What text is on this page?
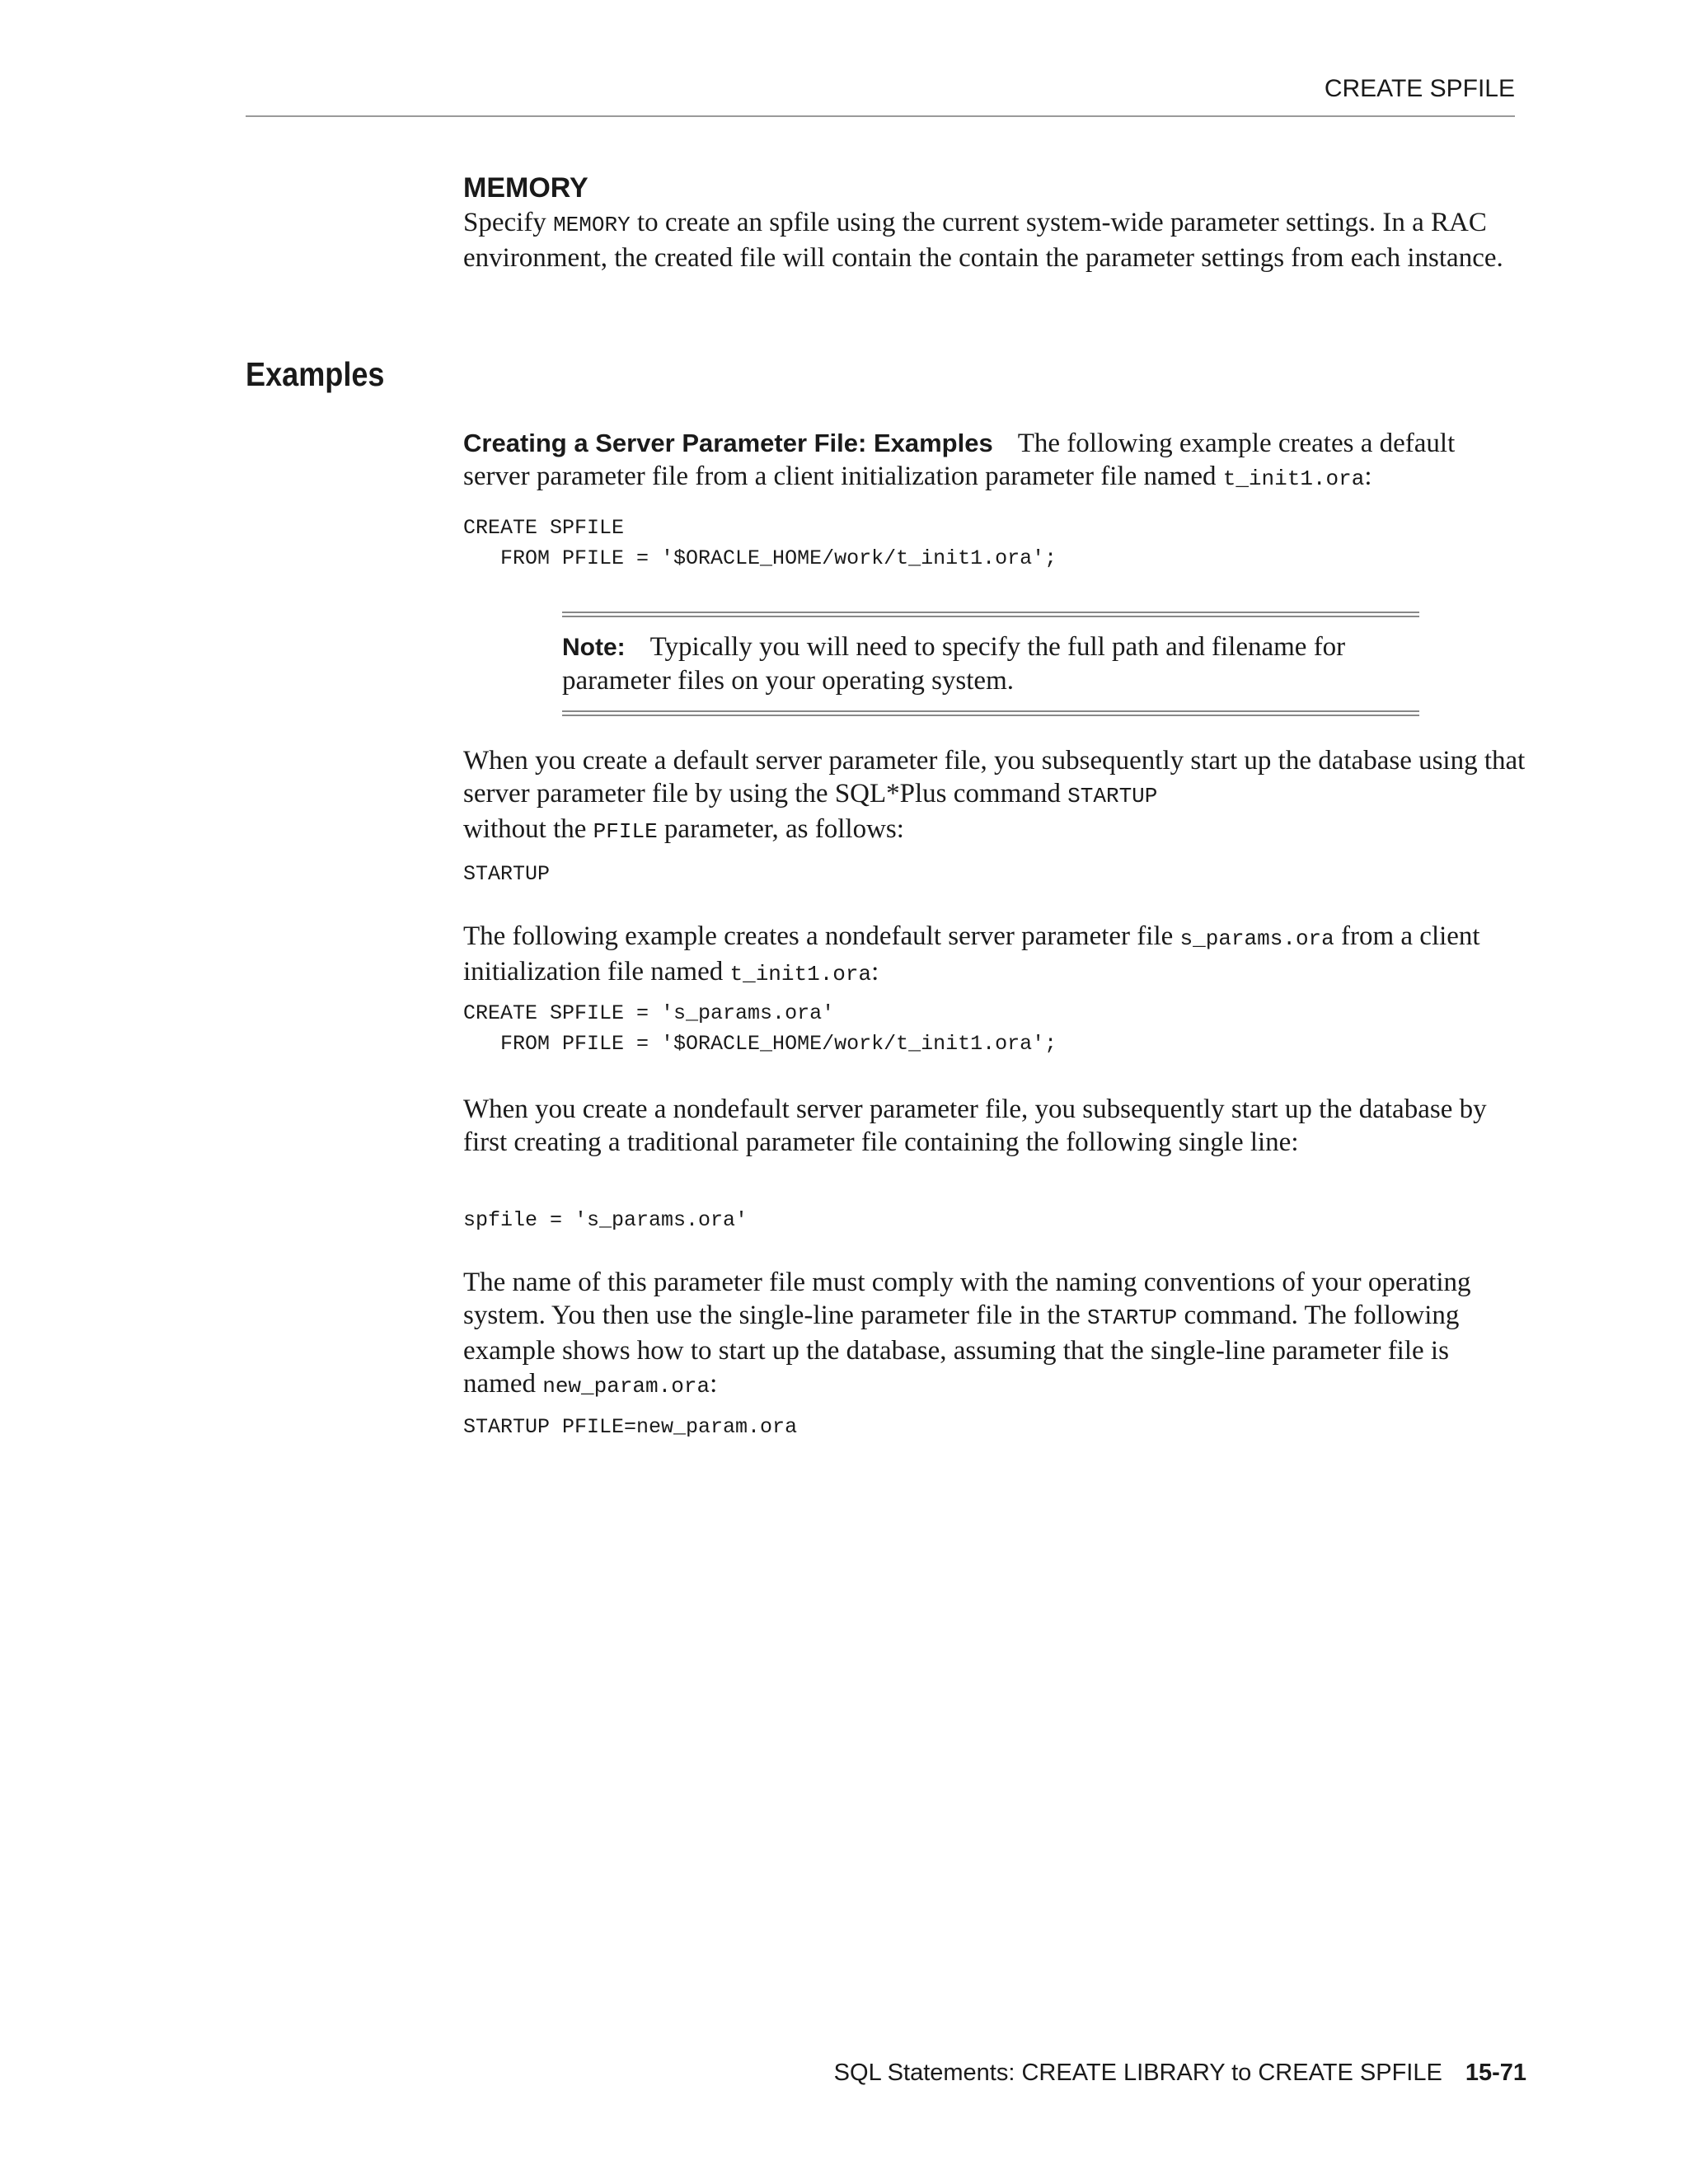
CREATE SPFILE
MEMORY

Specify MEMORY to create an spfile using the current system-wide parameter settings. In a RAC environment, the created file will contain the contain the parameter settings from each instance.

Examples

Creating a Server Parameter File: Examples The following example creates a default server parameter file from a client initialization parameter file named t_init1.ora:

CREATE SPFILE
FROM PFILE = '$ORACLE_HOME/work/t_init1.ora';
Note: Typically you will need to specify the full path and filename for parameter files on your operating system.

When you create a default server parameter file, you subsequently start up the database using that server parameter file by using the SQL*Plus command STARTUP
without the PFILE parameter, as follows:

STARTUP

The following example creates a nondefault server parameter file s_params.ora from a client initialization file named t_init1.ora:

CREATE SPFILE = 's_params.ora'
FROM PFILE = '$ORACLE_HOME/work/t_init1.ora';

When you create a nondefault server parameter file, you subsequently start up the database by first creating a traditional parameter file containing the following single line:

spfile = 's_params.ora'

The name of this parameter file must comply with the naming conventions of your operating system. You then use the single-line parameter file in the STARTUP command. The following example shows how to start up the database, assuming that the single-line parameter file is named new_param.ora:

STARTUP PFILE=new_param.ora
SQL Statements: CREATE LIBRARY to CREATE SPFILE 15-71
